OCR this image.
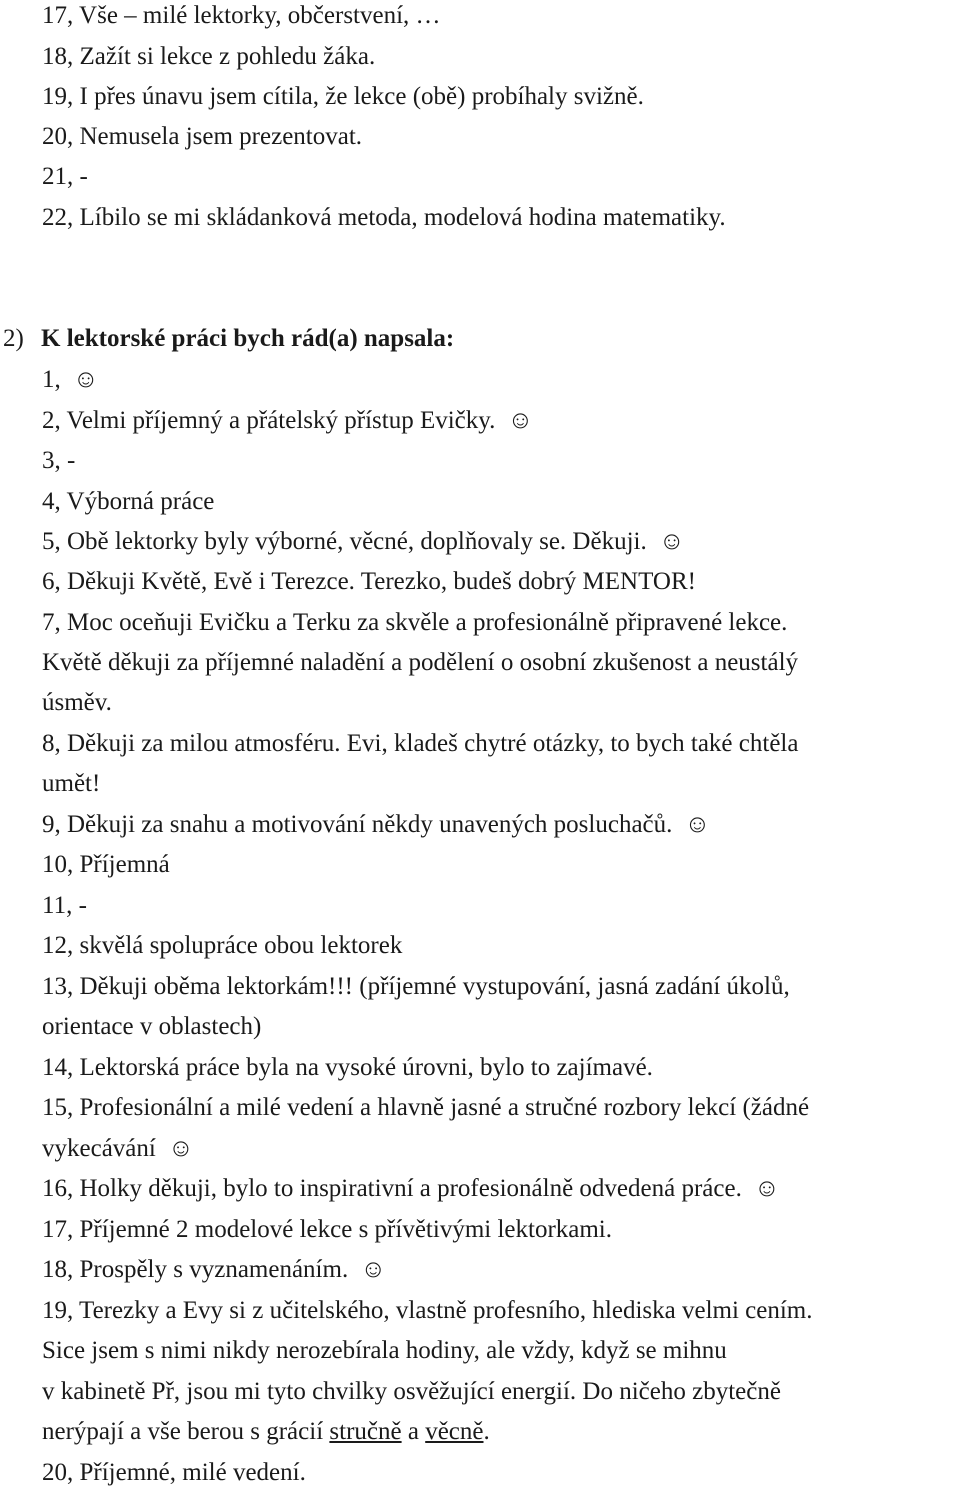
17, Vše – milé lektorky, občerstvení, …
18, Zažít si lekce z pohledu žáka.
19, I přes únavu jsem cítila, že lekce (obě) probíhaly svižně.
20, Nemusela jsem prezentovat.
21, -
22, Líbilo se mi skládanková metoda, modelová hodina matematiky.
2) K lektorské práci bych rád(a) napsala:
1, ☺
2, Velmi příjemný a přátelský přístup Evičky. ☺
3, -
4, Výborná práce
5, Obě lektorky byly výborné, věcné, doplňovaly se. Děkuji. ☺
6, Děkuji Květě, Evě i Terezce. Terezko, budeš dobrý MENTOR!
7, Moc oceňuji Evičku a Terku za skvěle a profesionálně připravené lekce.
Květě děkuji za příjemné naladění a podělení o osobní zkušenost a neustálý
úsměv.
8, Děkuji za milou atmosféru. Evi, kladeš chytré otázky, to bych také chtěla
umět!
9, Děkuji za snahu a motivování někdy unavených posluchačů. ☺
10, Příjemná
11, -
12, skvělá spolupráce obou lektorek
13, Děkuji oběma lektorkám!!! (příjemné vystupování, jasná zadání úkolů,
orientace v oblastech)
14, Lektorská práce byla na vysoké úrovni, bylo to zajímavé.
15, Profesionální a milé vedení a hlavně jasné a stručné rozbory lekcí (žádné
vykecávání ☺
16, Holky děkuji, bylo to inspirativní a profesionálně odvedená práce. ☺
17, Příjemné 2 modelové lekce s přívětivými lektorkami.
18, Prospěly s vyznamenáním. ☺
19, Terezky a Evy si z učitelského, vlastně profesního, hlediska velmi cením.
Sice jsem s nimi nikdy nerozebírala hodiny, ale vždy, když se mihnu
v kabinetě Př, jsou mi tyto chvilky osvěžující energií. Do ničeho zbytečně
nerýpají a vše berou s grácií stručně a věcně.
20, Příjemné, milé vedení.
